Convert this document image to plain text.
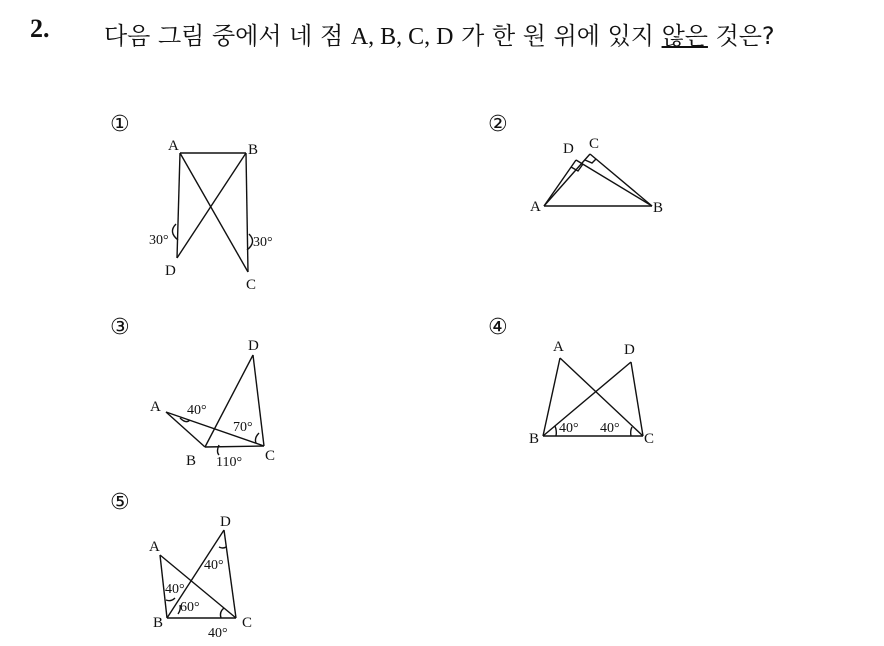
2. 다음 그림 중에서 네 점 A, B, C, D 가 한 원 위에 있지 않은 것은?
①
A	B
D
C
30°	30°
②
A	B
D C
③
A
B	C
D
40°
70°
110°
④
A	D
B	C
40° 40°
⑤
A
D
B	C
40°
40°
60°
40°
